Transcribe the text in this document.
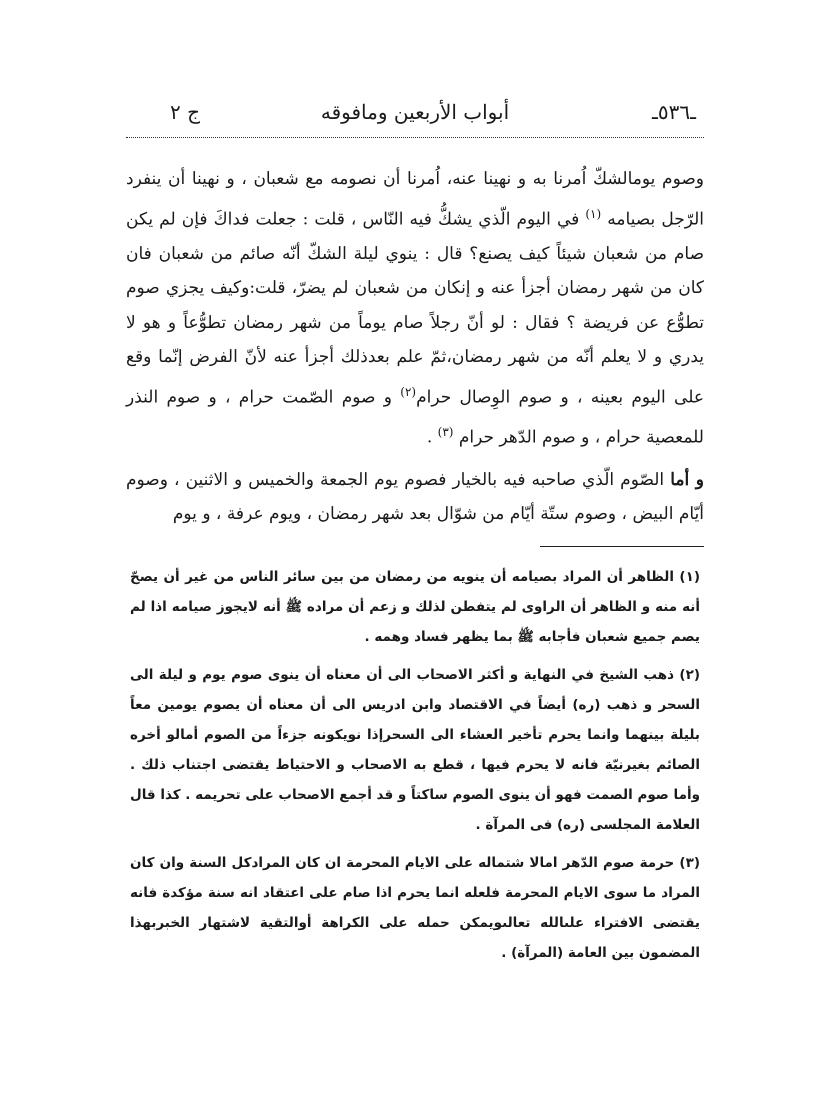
ـ٥٣٦ـ
أبواب الأربعين ومافوقه
ج ٢

وصوم يومالشكّ اُمرنا به و نهينا عنه، اُمرنا أن نصومه مع شعبان ، و نهينا أن ينفرد الرّجل بصيامه $^{(١)}$ في اليوم الّذي يشكُّ فيه النّاس ، قلت : جعلت فداكَ فإن لم يكن صام من شعبان شيئاً كيف يصنع؟ قال : ينوي ليلة الشكّ أنّه صائم من شعبان فان كان من شهر رمضان أجزأ عنه و إنكان من شعبان لم يضرّ، قلت:وكيف يجزي صوم تطوُّع عن فريضة ؟ فقال : لو أنّ رجلاً صام يوماً من شهر رمضان تطوُّعاً و هو لا يدري و لا يعلم أنّه من شهر رمضان،ثمّ علم بعدذلك أجزأ عنه لأنّ الفرض إنّما وقع على اليوم بعينه ، و صوم الوِصال حرام$^{(٢)}$ و صوم الصّمت حرام ، و صوم النذر للمعصية حرام ، و صوم الدّهر حرام $^{(٣)}$ .

و أما الصّوم الّذي صاحبه فيه بالخيار فصوم يوم الجمعة والخميس و الاثنين ، وصوم أيّام البيض ، وصوم ستّة أيّام من شوّال بعد شهر رمضان ، ويوم عرفة ، و يوم

(١) الظاهر أن المراد بصيامه أن ينويه من رمضان من بين سائر الناس من غير أن يصحّ أنه منه و الظاهر أن الراوى لم يتفطن لذلك و زعم أن مراده ﷺ أنه لايجوز صيامه اذا لم يصم جميع شعبان فأجابه ﷺ بما يظهر فساد وهمه .

(٢) ذهب الشيخ في النهاية و أكثر الاصحاب الى أن معناه أن ينوى صوم يوم و ليلة الى السحر و ذهب (ره) أيضاً في الاقتصاد وابن ادريس الى أن معناه أن يصوم يومين معاً بليلة بينهما وانما يحرم تأخير العشاء الى السحرإذا نويكونه جزءاً من الصوم أمالو أخره الصائم بغيرنيّة فانه لا يحرم فيها ، قطع به الاصحاب و الاحتياط يقتضى اجتناب ذلك . وأما صوم الصمت فهو أن ينوى الصوم ساكتاً و قد أجمع الاصحاب على تحريمه . كذا قال العلامة المجلسى (ره) فى المرآة .

(٣) حرمة صوم الدّهر امالا شتماله على الايام المحرمة ان كان المرادكل السنة وان كان المراد ما سوى الايام المحرمة فلعله انما يحرم اذا صام على اعتقاد انه سنة مؤكدة فانه يقتضى الافتراء علىالله تعالىويمكن حمله على الكراهة أوالتقية لاشتهار الخبربهذا المضمون بين العامة (المرآة) .
